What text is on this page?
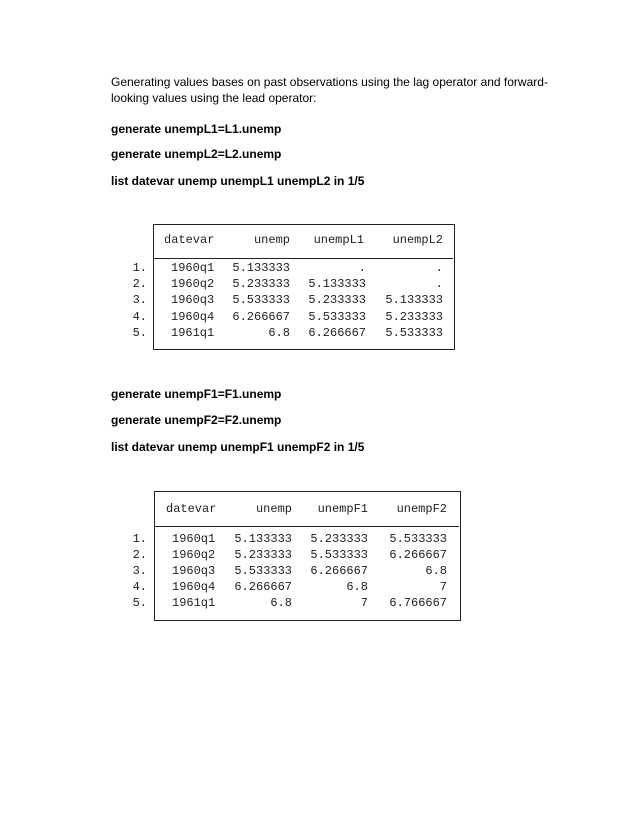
Generating values bases on past observations using the lag operator and forward-looking values using the lead operator:
generate unempL1=L1.unemp
generate unempL2=L2.unemp
list datevar unemp unempL1 unempL2 in 1/5
datevar	unemp	unempL1	unempL2
1. 1960q1	5.133333	.	.
2. 1960q2	5.233333	5.133333	.
3. 1960q3	5.533333	5.233333	5.133333
4. 1960q4	6.266667	5.533333	5.233333
5. 1961q1	6.8	6.266667	5.533333
generate unempF1=F1.unemp
generate unempF2=F2.unemp
list datevar unemp unempF1 unempF2 in 1/5
datevar	unemp	unempF1	unempF2
1. 1960q1	5.133333	5.233333	5.533333
2. 1960q2	5.233333	5.533333	6.266667
3. 1960q3	5.533333	6.266667	6.8
4. 1960q4	6.266667	6.8	7
5. 1961q1	6.8	7	6.766667
